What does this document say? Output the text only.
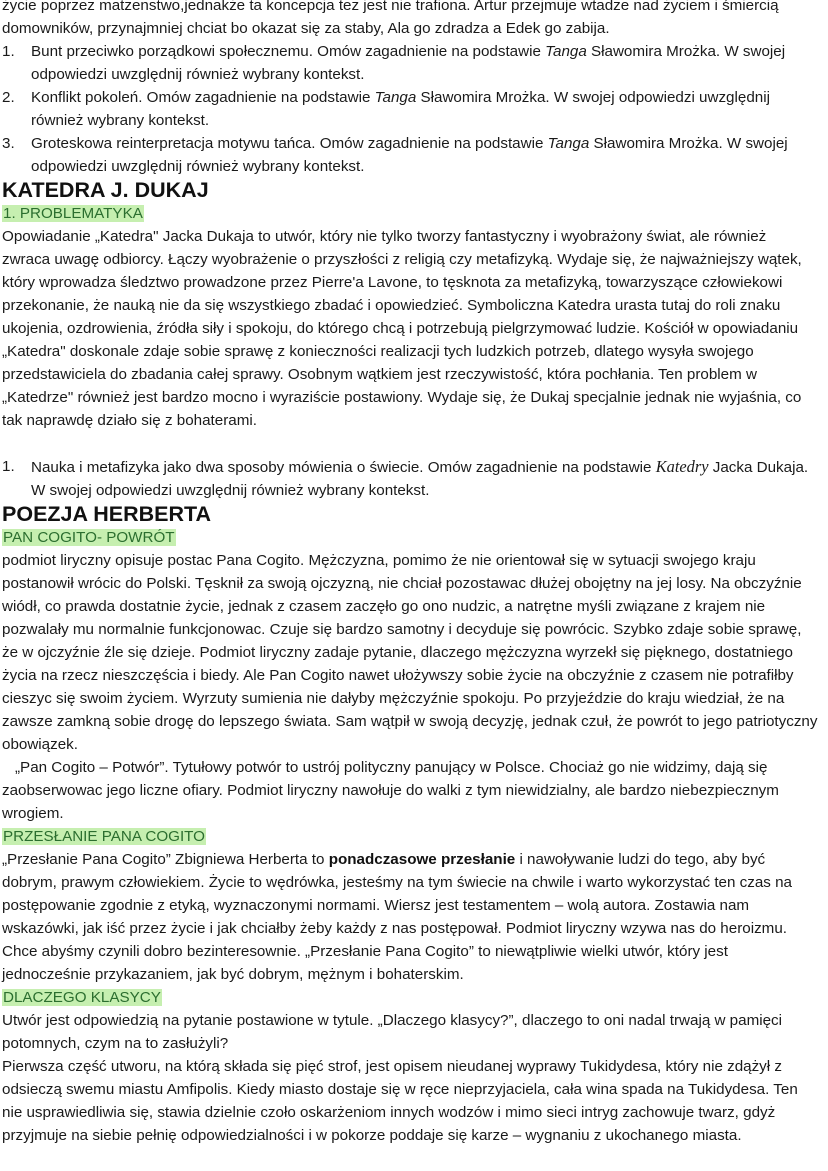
życie poprzez matzenstwo,jednakże ta koncepcja tez jest nie trafiona. Artur przejmuje wtadze nad życiem i śmiercią domowników, przynajmniej chciat bo okazat się za staby, Ala go zdradza a Edek go zabija.

1.	Bunt przeciwko porządkowi społecznemu. Omów zagadnienie na podstawie Tanga Sławomira Mrożka. W swojej odpowiedzi uwzględnij również wybrany kontekst.
2.	Konflikt pokoleń. Omów zagadnienie na podstawie Tanga Sławomira Mrożka. W swojej odpowiedzi uwzględnij również wybrany kontekst.
3.	Groteskowa reinterpretacja motywu tańca. Omów zagadnienie na podstawie Tanga Sławomira Mrożka. W swojej odpowiedzi uwzględnij również wybrany kontekst.
KATEDRA J. DUKAJ
1. PROBLEMATYKA

Opowiadanie „Katedra" Jacka Dukaja to utwór, który nie tylko tworzy fantastyczny i wyobrażony świat, ale również zwraca uwagę odbiorcy. Łączy wyobrażenie o przyszłości z religią czy metafizyką. Wydaje się, że najważniejszy wątek, który wprowadza śledztwo prowadzone przez Pierre'a Lavone, to tęsknota za metafizyką, towarzyszące człowiekowi przekonanie, że nauką nie da się wszystkiego zbadać i opowiedzieć. Symboliczna Katedra urasta tutaj do roli znaku ukojenia, ozdrowienia, źródła siły i spokoju, do którego chcą i potrzebują pielgrzymować ludzie. Kościół w opowiadaniu „Katedra" doskonale zdaje sobie sprawę z konieczności realizacji tych ludzkich potrzeb, dlatego wysyła swojego przedstawiciela do zbadania całej sprawy. Osobnym wątkiem jest rzeczywistość, która pochłania. Ten problem w „Katedrze" również jest bardzo mocno i wyraziście postawiony. Wydaje się, że Dukaj specjalnie jednak nie wyjaśnia, co tak naprawdę działo się z bohaterami.

1.	Nauka i metafizyka jako dwa sposoby mówienia o świecie. Omów zagadnienie na podstawie Katedry Jacka Dukaja. W swojej odpowiedzi uwzględnij również wybrany kontekst.
POEZJA HERBERTA
PAN COGITO- POWRÓT

podmiot liryczny opisuje postac Pana Cogito. Mężczyzna, pomimo że nie orientował się w sytuacji swojego kraju postanowił wrócic do Polski. Tęsknił za swoją ojczyzną, nie chciał pozostawac dłużej obojętny na jej losy. Na obczyźnie wiódł, co prawda dostatnie życie, jednak z czasem zaczęło go ono nudzic, a natrętne myśli związane z krajem nie pozwalały mu normalnie funkcjonowac. Czuje się bardzo samotny i decyduje się powrócic. Szybko zdaje sobie sprawę, że w ojczyźnie źle się dzieje. Podmiot liryczny zadaje pytanie, dlaczego mężczyzna wyrzekł się pięknego, dostatniego życia na rzecz nieszczęścia i biedy. Ale Pan Cogito nawet ułożywszy sobie życie na obczyźnie z czasem nie potrafiłby cieszyc się swoim życiem. Wyrzuty sumienia nie dałyby mężczyźnie spokoju. Po przyjeździe do kraju wiedział, że na zawsze zamkną sobie drogę do lepszego świata. Sam wątpił w swoją decyzję, jednak czuł, że powrót to jego patriotyczny obowiązek.

„Pan Cogito – Potwór”. Tytułowy potwór to ustrój polityczny panujący w Polsce. Chociaż go nie widzimy, dają się zaobserwowac jego liczne ofiary. Podmiot liryczny nawołuje do walki z tym niewidzialny, ale bardzo niebezpiecznym wrogiem.

PRZESŁANIE PANA COGITO

„Przesłanie Pana Cogito” Zbigniewa Herberta to ponadczasowe przesłanie i nawoływanie ludzi do tego, aby być dobrym, prawym człowiekiem. Życie to wędrówka, jesteśmy na tym świecie na chwile i warto wykorzystać ten czas na postępowanie zgodnie z etyką, wyznaczonymi normami. Wiersz jest testamentem – wolą autora. Zostawia nam wskazówki, jak iść przez życie i jak chciałby żeby każdy z nas postępował. Podmiot liryczny wzywa nas do heroizmu. Chce abyśmy czynili dobro bezinteresownie. „Przesłanie Pana Cogito” to niewątpliwie wielki utwór, który jest jednocześnie przykazaniem, jak być dobrym, mężnym i bohaterskim.

DLACZEGO KLASYCY

Utwór jest odpowiedzią na pytanie postawione w tytule. „Dlaczego klasycy?”, dlaczego to oni nadal trwają w pamięci potomnych, czym na to zasłużyli?

Pierwsza część utworu, na którą składa się pięć strof, jest opisem nieudanej wyprawy Tukidydesa, który nie zdążył z odsieczą swemu miastu Amfipolis. Kiedy miasto dostaje się w ręce nieprzyjaciela, cała wina spada na Tukidydesa. Ten nie usprawiedliwia się, stawia dzielnie czoło oskarżeniom innych wodzów i mimo sieci intryg zachowuje twarz, gdyż przyjmuje na siebie pełnię odpowiedzialności i w pokorze poddaje się karze – wygnaniu z ukochanego miasta.
